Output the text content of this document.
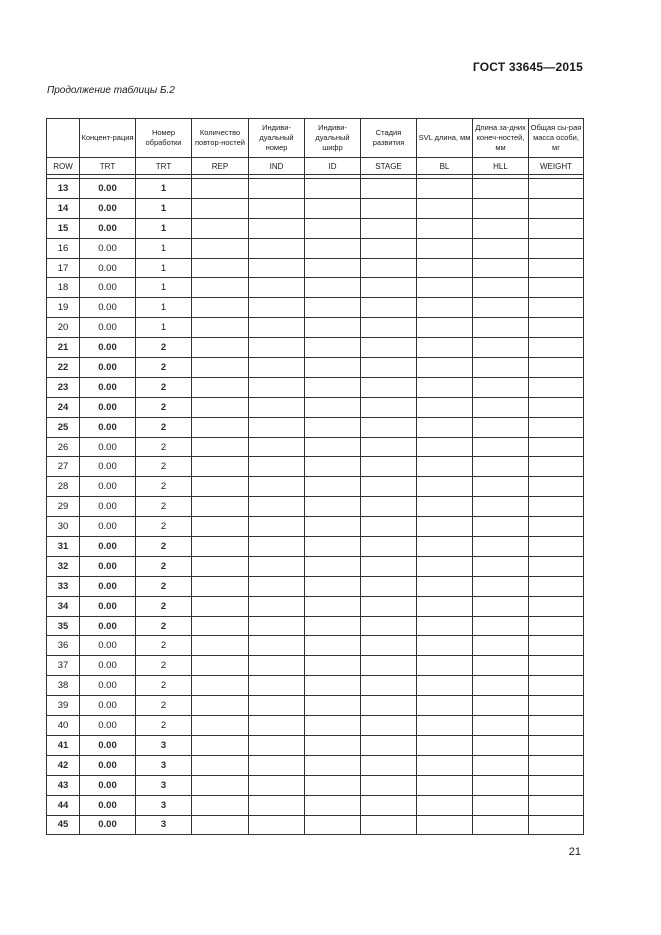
ГОСТ 33645—2015
Продолжение таблицы Б.2
	Концент-рация	Номер обработки	Количество повтор-ностей	Индиви-дуальный номер	Индиви-дуальный шифр	Стадия развития	SVL длина, мм	Длина за-дних конеч-ностей, мм	Общая сы-рая масса особи, мг
ROW	TRT	TRT	REP	IND	ID	STAGE	BL	HLL	WEIGHT

13	0.00	1							
14	0.00	1							
15	0.00	1							
16	0.00	1							
17	0.00	1							
18	0.00	1							
19	0.00	1							
20	0.00	1							
21	0.00	2							
22	0.00	2							
23	0.00	2							
24	0.00	2							
25	0.00	2							
26	0.00	2							
27	0.00	2							
28	0.00	2							
29	0.00	2							
30	0.00	2							
31	0.00	2							
32	0.00	2							
33	0.00	2							
34	0.00	2							
35	0.00	2							
36	0.00	2							
37	0.00	2							
38	0.00	2							
39	0.00	2							
40	0.00	2							
41	0.00	3							
42	0.00	3							
43	0.00	3							
44	0.00	3							
45	0.00	3							
21
